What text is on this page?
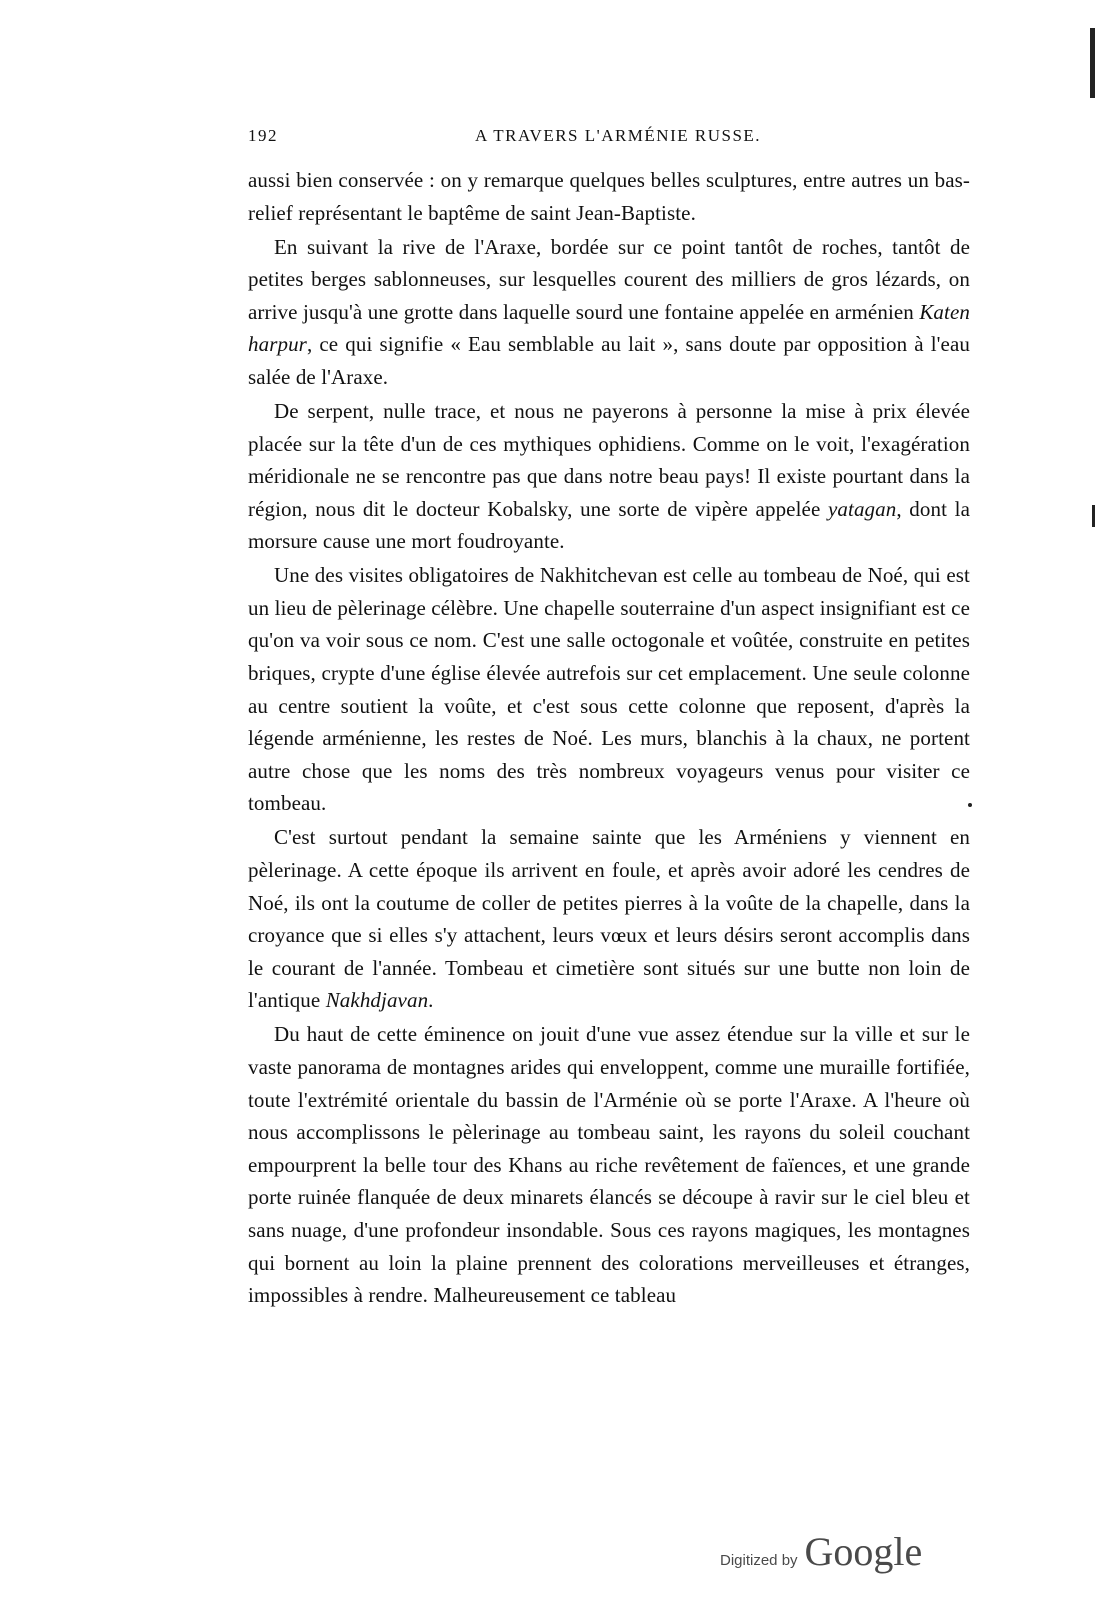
192	A TRAVERS L'ARMÉNIE RUSSE.

aussi bien conservée : on y remarque quelques belles sculptures, entre autres un bas-relief représentant le baptême de saint Jean-Baptiste.

En suivant la rive de l'Araxe, bordée sur ce point tantôt de roches, tantôt de petites berges sablonneuses, sur lesquelles courent des milliers de gros lézards, on arrive jusqu'à une grotte dans laquelle sourd une fontaine appelée en arménien Katen harpur, ce qui signifie « Eau semblable au lait », sans doute par opposition à l'eau salée de l'Araxe.

De serpent, nulle trace, et nous ne payerons à personne la mise à prix élevée placée sur la tête d'un de ces mythiques ophidiens. Comme on le voit, l'exagération méridionale ne se rencontre pas que dans notre beau pays! Il existe pourtant dans la région, nous dit le docteur Kobalsky, une sorte de vipère appelée yatagan, dont la morsure cause une mort foudroyante.

Une des visites obligatoires de Nakhitchevan est celle au tombeau de Noé, qui est un lieu de pèlerinage célèbre. Une chapelle souterraine d'un aspect insignifiant est ce qu'on va voir sous ce nom. C'est une salle octogonale et voûtée, construite en petites briques, crypte d'une église élevée autrefois sur cet emplacement. Une seule colonne au centre soutient la voûte, et c'est sous cette colonne que reposent, d'après la légende arménienne, les restes de Noé. Les murs, blanchis à la chaux, ne portent autre chose que les noms des très nombreux voyageurs venus pour visiter ce tombeau.

C'est surtout pendant la semaine sainte que les Arméniens y viennent en pèlerinage. A cette époque ils arrivent en foule, et après avoir adoré les cendres de Noé, ils ont la coutume de coller de petites pierres à la voûte de la chapelle, dans la croyance que si elles s'y attachent, leurs vœux et leurs désirs seront accomplis dans le courant de l'année. Tombeau et cimetière sont situés sur une butte non loin de l'antique Nakhdjavan.

Du haut de cette éminence on jouit d'une vue assez étendue sur la ville et sur le vaste panorama de montagnes arides qui enveloppent, comme une muraille fortifiée, toute l'extrémité orientale du bassin de l'Arménie où se porte l'Araxe. A l'heure où nous accomplissons le pèlerinage au tombeau saint, les rayons du soleil couchant empourprent la belle tour des Khans au riche revêtement de faïences, et une grande porte ruinée flanquée de deux minarets élancés se découpe à ravir sur le ciel bleu et sans nuage, d'une profondeur insondable. Sous ces rayons magiques, les montagnes qui bornent au loin la plaine prennent des colorations merveilleuses et étranges, impossibles à rendre. Malheureusement ce tableau

Digitized by Google
